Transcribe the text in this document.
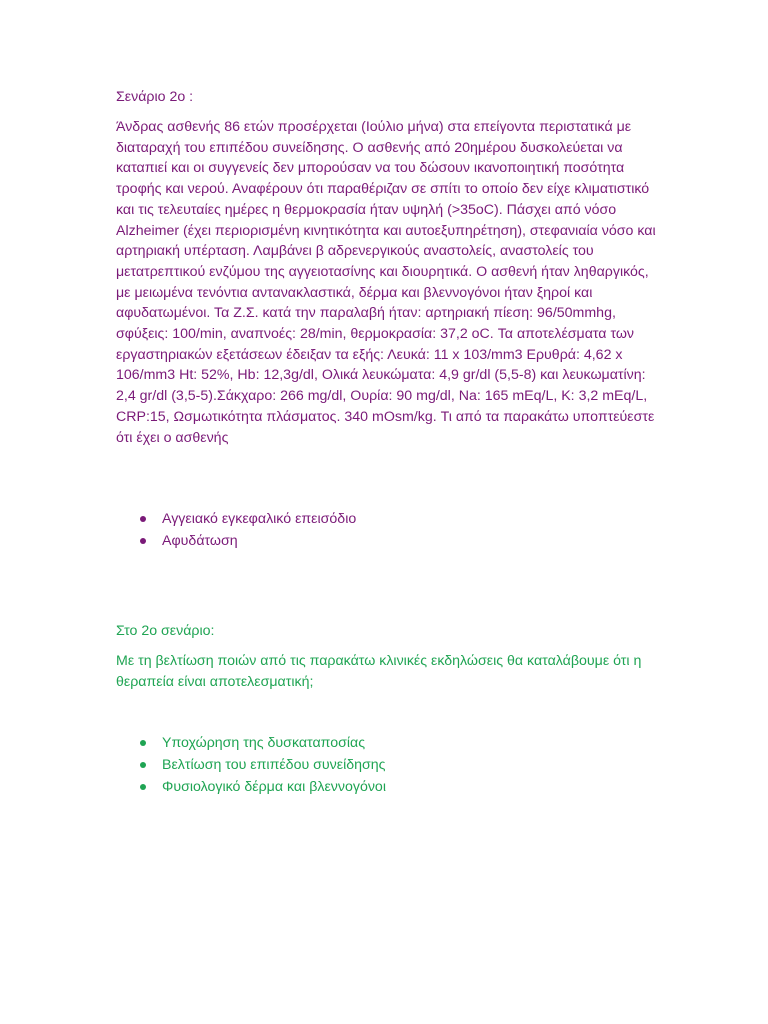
Σενάριο 2ο :

Άνδρας ασθενής 86 ετών προσέρχεται (Ιούλιο μήνα) στα επείγοντα περιστατικά με διαταραχή του επιπέδου συνείδησης. Ο ασθενής από 20ημέρου δυσκολεύεται να καταπιεί και οι συγγενείς δεν μπορούσαν να του δώσουν ικανοποιητική ποσότητα τροφής και νερού. Αναφέρουν ότι παραθέριζαν σε σπίτι το οποίο δεν είχε κλιματιστικό και τις τελευταίες ημέρες η θερμοκρασία ήταν υψηλή (>35oC). Πάσχει από νόσο Alzheimer (έχει περιορισμένη κινητικότητα και αυτοεξυπηρέτηση), στεφανιαία νόσο και αρτηριακή υπέρταση. Λαμβάνει β αδρενεργικούς αναστολείς, αναστολείς του μετατρεπτικού ενζύμου της αγγειοτασίνης και διουρητικά. Ο ασθενή ήταν ληθαργικός, με μειωμένα τενόντια αντανακλαστικά, δέρμα και βλεννογόνοι ήταν ξηροί και αφυδατωμένοι. Τα Ζ.Σ. κατά την παραλαβή ήταν: αρτηριακή πίεση: 96/50mmhg, σφύξεις: 100/min, αναπνοές: 28/min, θερμοκρασία: 37,2 oC. Τα αποτελέσματα των εργαστηριακών εξετάσεων έδειξαν τα εξής: Λευκά: 11 x 103/mm3 Ερυθρά: 4,62 x 106/mm3 Ht: 52%, Hb: 12,3g/dl, Ολικά λευκώματα: 4,9 gr/dl (5,5-8) και λευκωματίνη: 2,4 gr/dl (3,5-5).Σάκχαρο: 266 mg/dl, Ουρία: 90 mg/dl, Na: 165 mEq/L, K: 3,2 mEq/L, CRP:15, Ωσμωτικότητα πλάσματος. 340 mOsm/kg. Τι από τα παρακάτω υποπτεύεστε ότι έχει ο ασθενής

Αγγειακό εγκεφαλικό επεισόδιο
Αφυδάτωση

Στο 2ο σενάριο:

Με τη βελτίωση ποιών από τις παρακάτω κλινικές εκδηλώσεις θα καταλάβουμε ότι η θεραπεία είναι αποτελεσματική;

Υποχώρηση της δυσκαταποσίας
Βελτίωση του επιπέδου συνείδησης
Φυσιολογικό δέρμα και βλεννογόνοι
